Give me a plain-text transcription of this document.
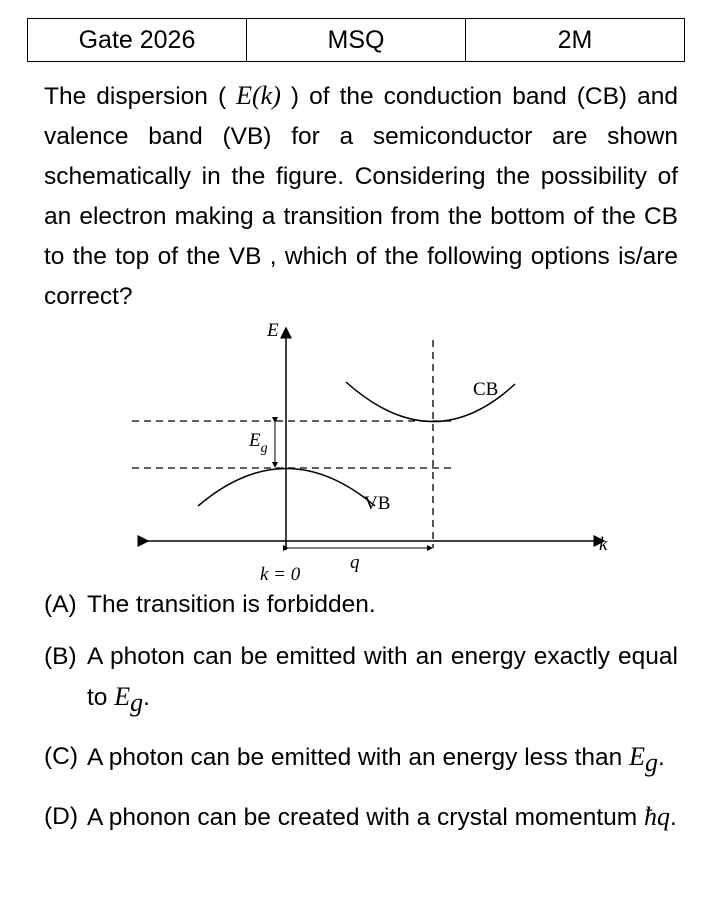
Gate 2026	MSQ	2M
The dispersion ( E(k) ) of the conduction band (CB) and valence band (VB) for a semiconductor are shown schematically in the figure. Considering the possibility of an electron making a transition from the bottom of the CB to the top of the VB , which of the following options is/are correct?
E
k
$E_g$
CB
VB
k = 0
q
(A) The transition is forbidden.
(B) A photon can be emitted with an energy exactly equal to $E_g$.
(C) A photon can be emitted with an energy less than $E_g$.
(D) A phonon can be created with a crystal momentum ħq.
